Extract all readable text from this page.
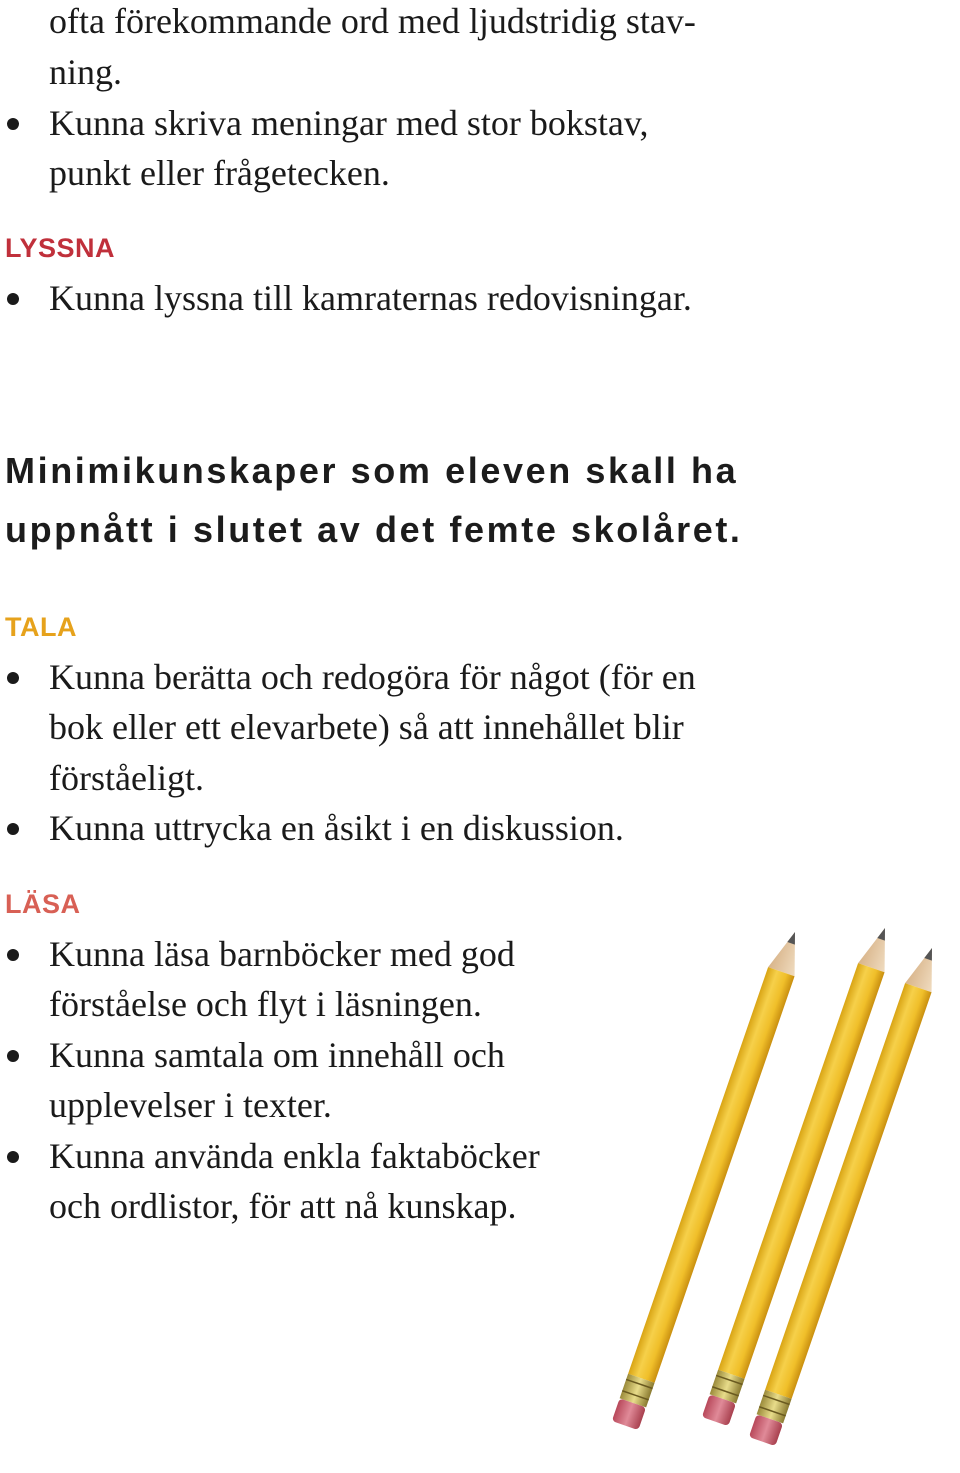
ofta förekommande ord med ljudstridig stav-
ning.
Kunna skriva meningar med stor bokstav,
punkt eller frågetecken.
LYSSNA
Kunna lyssna till kamraternas redovisningar.
Minimikunskaper som eleven skall ha
uppnått i slutet av det femte skolåret.
TALA
Kunna berätta och redogöra för något (för en
bok eller ett elevarbete) så att innehållet blir
förståeligt.
Kunna uttrycka en åsikt i en diskussion.
LÄSA
Kunna läsa barnböcker med god
förståelse och flyt i läsningen.
Kunna samtala om innehåll och
upplevelser i texter.
Kunna använda enkla faktaböcker
och ordlistor, för att nå kunskap.
